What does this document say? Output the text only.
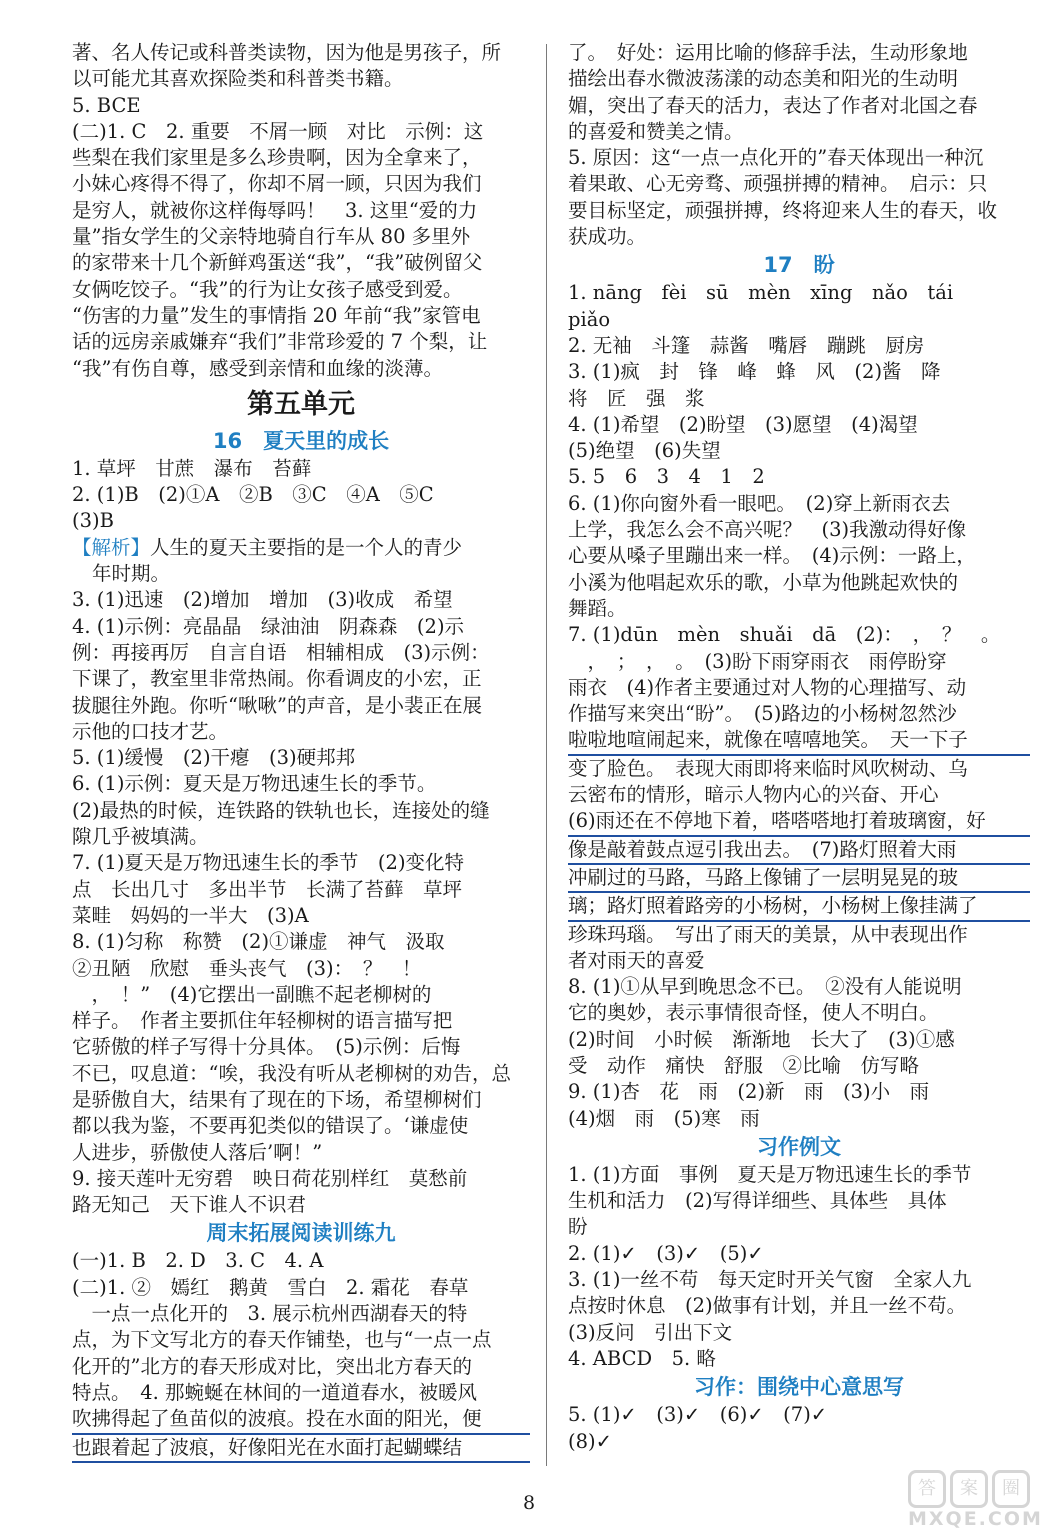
著、名人传记或科普类读物，因为他是男孩子，所
以可能尤其喜欢探险类和科普类书籍。
5. BCE
(二)1. C　2. 重要　不屑一顾　对比　示例：这
些梨在我们家里是多么珍贵啊，因为全拿来了，
小妹心疼得不得了，你却不屑一顾，只因为我们
是穷人，就被你这样侮辱吗！　3. 这里“爱的力
量”指女学生的父亲特地骑自行车从 80 多里外
的家带来十几个新鲜鸡蛋送“我”，“我”破例留父
女俩吃饺子。“我”的行为让女孩子感受到爱。
“伤害的力量”发生的事情指 20 年前“我”家管电
话的远房亲戚嫌弃“我们”非常珍爱的 7 个梨，让
“我”有伤自尊，感受到亲情和血缘的淡薄。
第五单元
16　夏天里的成长
1. 草坪　甘蔗　瀑布　苔藓
2. (1)B　(2)①A　②B　③C　④A　⑤C
(3)B
【解析】人生的夏天主要指的是一个人的青少
年时期。
3. (1)迅速　(2)增加　增加　(3)收成　希望
4. (1)示例：亮晶晶　绿油油　阴森森　(2)示
例：再接再厉　自言自语　相辅相成　(3)示例：
下课了，教室里非常热闹。你看调皮的小宏，正
拔腿往外跑。你听“啾啾”的声音，是小裴正在展
示他的口技才艺。
5. (1)缓慢　(2)干瘪　(3)硬邦邦
6. (1)示例：夏天是万物迅速生长的季节。
(2)最热的时候，连铁路的铁轨也长，连接处的缝
隙几乎被填满。
7. (1)夏天是万物迅速生长的季节　(2)变化特
点　长出几寸　多出半节　长满了苔藓　草坪
菜畦　妈妈的一半大　(3)A
8. (1)匀称　称赞　(2)①谦虚　神气　汲取
②丑陋　欣慰　垂头丧气　(3)：　？　！
　，　！”　(4)它摆出一副瞧不起老柳树的
样子。　作者主要抓住年轻柳树的语言描写把
它骄傲的样子写得十分具体。　(5)示例：后悔
不已，叹息道：“唉，我没有听从老柳树的劝告，总
是骄傲自大，结果有了现在的下场，希望柳树们
都以我为鉴，不要再犯类似的错误了。‘谦虚使
人进步，骄傲使人落后’啊！”
9. 接天莲叶无穷碧　映日荷花别样红　莫愁前
路无知己　天下谁人不识君
周末拓展阅读训练九
(一)1. B　2. D　3. C　4. A
(二)1. ②　嫣红　鹅黄　雪白　2. 霜花　春草
　一点一点化开的　3. 展示杭州西湖春天的特
点，为下文写北方的春天作铺垫，也与“一点一点
化开的”北方的春天形成对比，突出北方春天的
特点。　4. 那蜿蜒在林间的一道道春水，被暖风
吹拂得起了鱼苗似的波痕。投在水面的阳光，便
也跟着起了波痕，好像阳光在水面打起蝴蝶结
了。　好处：运用比喻的修辞手法，生动形象地
描绘出春水微波荡漾的动态美和阳光的生动明
媚，突出了春天的活力，表达了作者对北国之春
的喜爱和赞美之情。
5. 原因：这“一点一点化开的”春天体现出一种沉
着果敢、心无旁骛、顽强拼搏的精神。　启示：只
要目标坚定，顽强拼搏，终将迎来人生的春天，收
获成功。
17　盼
1. nāng　fèi　sū　mèn　xīng　nǎo　tái
piǎo
2. 无袖　斗篷　蒜酱　嘴唇　蹦跳　厨房
3. (1)疯　封　锋　峰　蜂　风　(2)酱　降
将　匠　强　浆
4. (1)希望　(2)盼望　(3)愿望　(4)渴望
(5)绝望　(6)失望
5. 5　6　3　4　1　2
6. (1)你向窗外看一眼吧。　(2)穿上新雨衣去
上学，我怎么会不高兴呢？　(3)我激动得好像
心要从嗓子里蹦出来一样。　(4)示例：一路上，
小溪为他唱起欢乐的歌，小草为他跳起欢快的
舞蹈。
7. (1)dūn　mèn　shuǎi　dā　(2)：　，　？　。
　，　；　，　。　(3)盼下雨穿雨衣　雨停盼穿
雨衣　(4)作者主要通过对人物的心理描写、动
作描写来突出“盼”。　(5)路边的小杨树忽然沙
啦啦地喧闹起来，就像在嘻嘻地笑。　天一下子
变了脸色。　表现大雨即将来临时风吹树动、乌
云密布的情形，暗示人物内心的兴奋、开心
(6)雨还在不停地下着，嗒嗒嗒地打着玻璃窗，好
像是敲着鼓点逗引我出去。　(7)路灯照着大雨
冲刷过的马路，马路上像铺了一层明晃晃的玻
璃；路灯照着路旁的小杨树，小杨树上像挂满了
珍珠玛瑙。　写出了雨天的美景，从中表现出作
者对雨天的喜爱
8. (1)①从早到晚思念不已。　②没有人能说明
它的奥妙，表示事情很奇怪，使人不明白。
(2)时间　小时候　渐渐地　长大了　(3)①感
受　动作　痛快　舒服　②比喻　仿写略
9. (1)杏　花　雨　(2)新　雨　(3)小　雨
(4)烟　雨　(5)寒　雨
习作例文
1. (1)方面　事例　夏天是万物迅速生长的季节
生机和活力　(2)写得详细些、具体些　具体
盼
2. (1)✓　(3)✓　(5)✓
3. (1)一丝不苟　每天定时开关气窗　全家人九
点按时休息　(2)做事有计划，并且一丝不苟。
(3)反问　引出下文
4. ABCD　5. 略
习作：围绕中心意思写
5. (1)✓　(3)✓　(6)✓　(7)✓
(8)✓
8
答	案	圈
MXQE.COM
